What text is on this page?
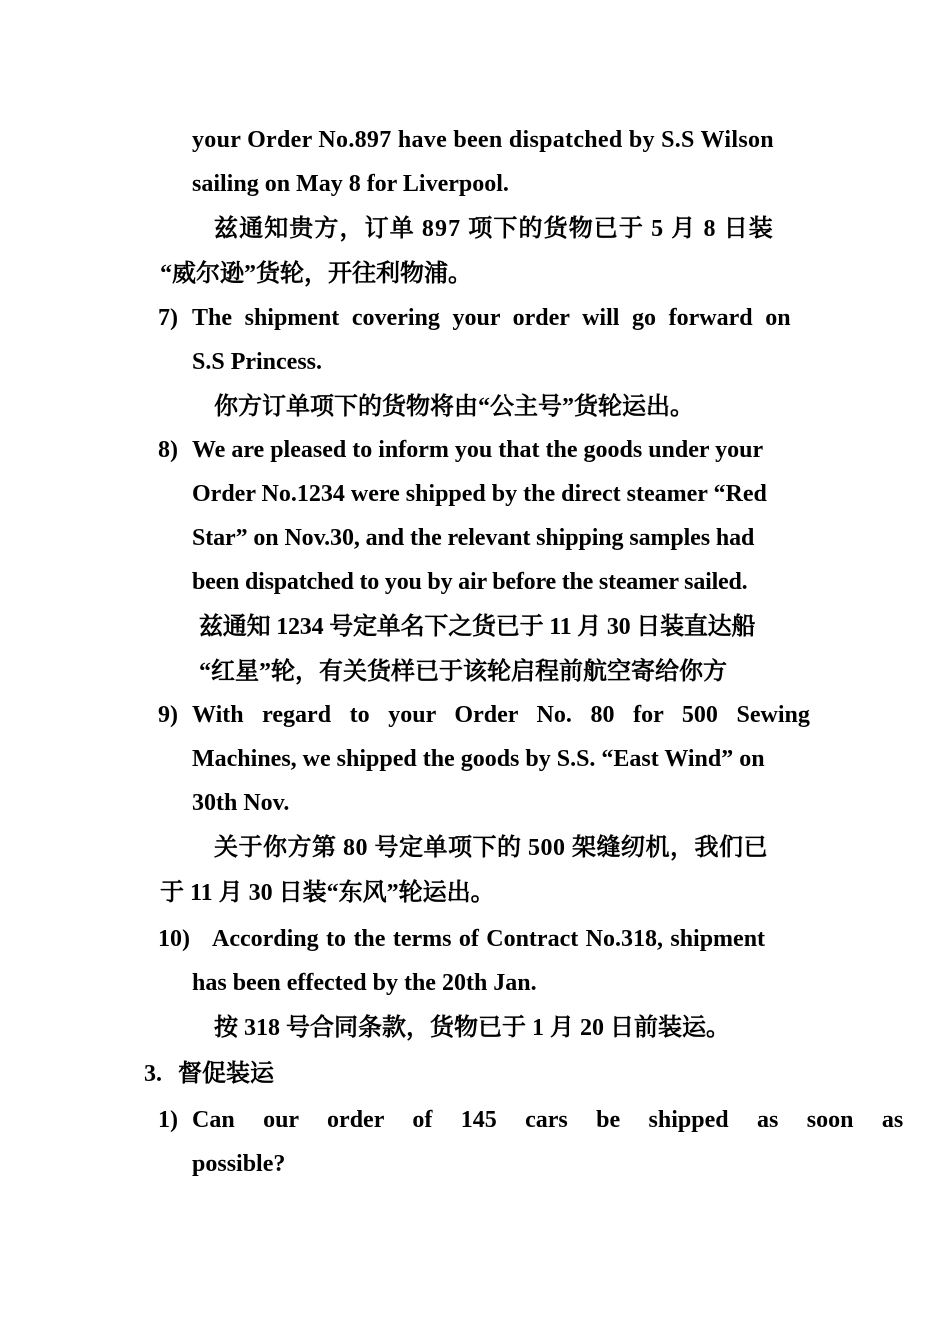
your Order No.897 have been dispatched by S.S Wilson
sailing on May 8 for Liverpool.
兹通知贵方，订单 897 项下的货物已于 5 月 8 日装
“威尔逊”货轮，开往利物浦。
7) The shipment covering your order will go forward on
S.S Princess.
你方订单项下的货物将由“公主号”货轮运出。
8) We are pleased to inform you that the goods under your
Order No.1234 were shipped by the direct steamer “Red
Star” on Nov.30, and the relevant shipping samples had
been dispatched to you by air before the steamer sailed.
兹通知 1234 号定单名下之货已于 11 月 30 日装直达船
“红星”轮，有关货样已于该轮启程前航空寄给你方
9) With regard to your Order No. 80 for 500 Sewing
Machines, we shipped the goods by S.S. “East Wind” on
30th Nov.
关于你方第 80 号定单项下的 500 架缝纫机，我们已
于 11 月 30 日装“东风”轮运出。
10) According to the terms of Contract No.318, shipment
has been effected by the 20th Jan.
按 318 号合同条款，货物已于 1 月 20 日前装运。
3. 督促装运
1) Can our order of 145 cars be shipped as soon as
possible?
